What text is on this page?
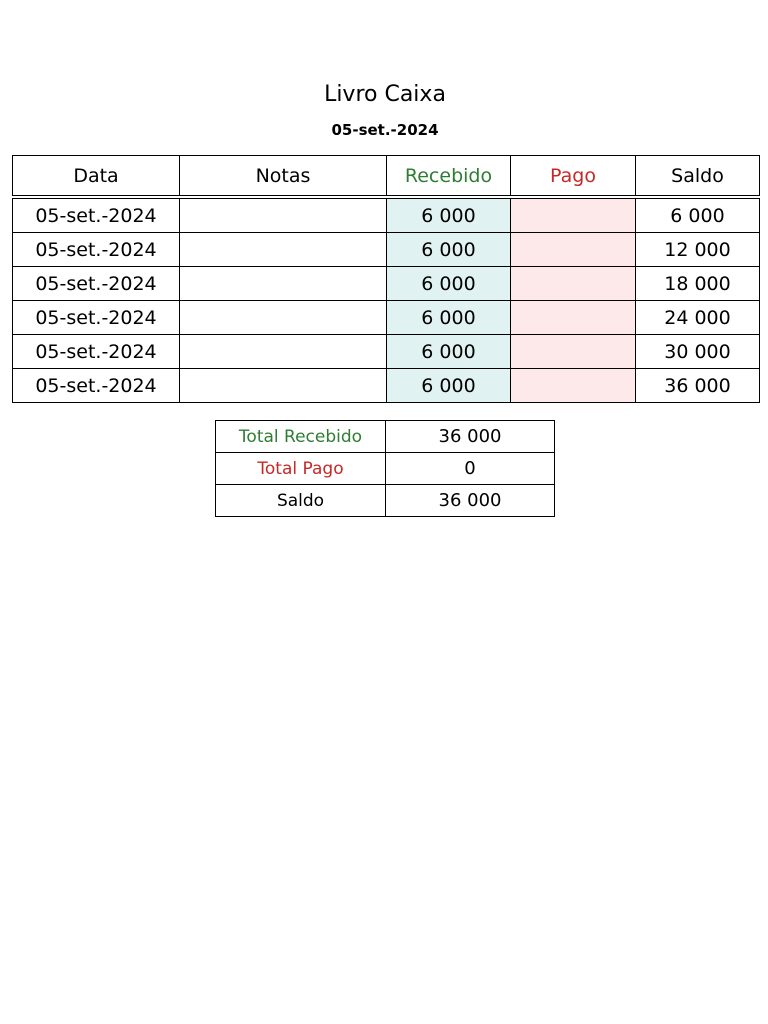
Livro Caixa
05-set.-2024
Data	Notas	Recebido	Pago	Saldo

05-set.-2024		6 000		6 000
05-set.-2024		6 000		12 000
05-set.-2024		6 000		18 000
05-set.-2024		6 000		24 000
05-set.-2024		6 000		30 000
05-set.-2024		6 000		36 000
Total Recebido	36 000
Total Pago	0
Saldo	36 000
